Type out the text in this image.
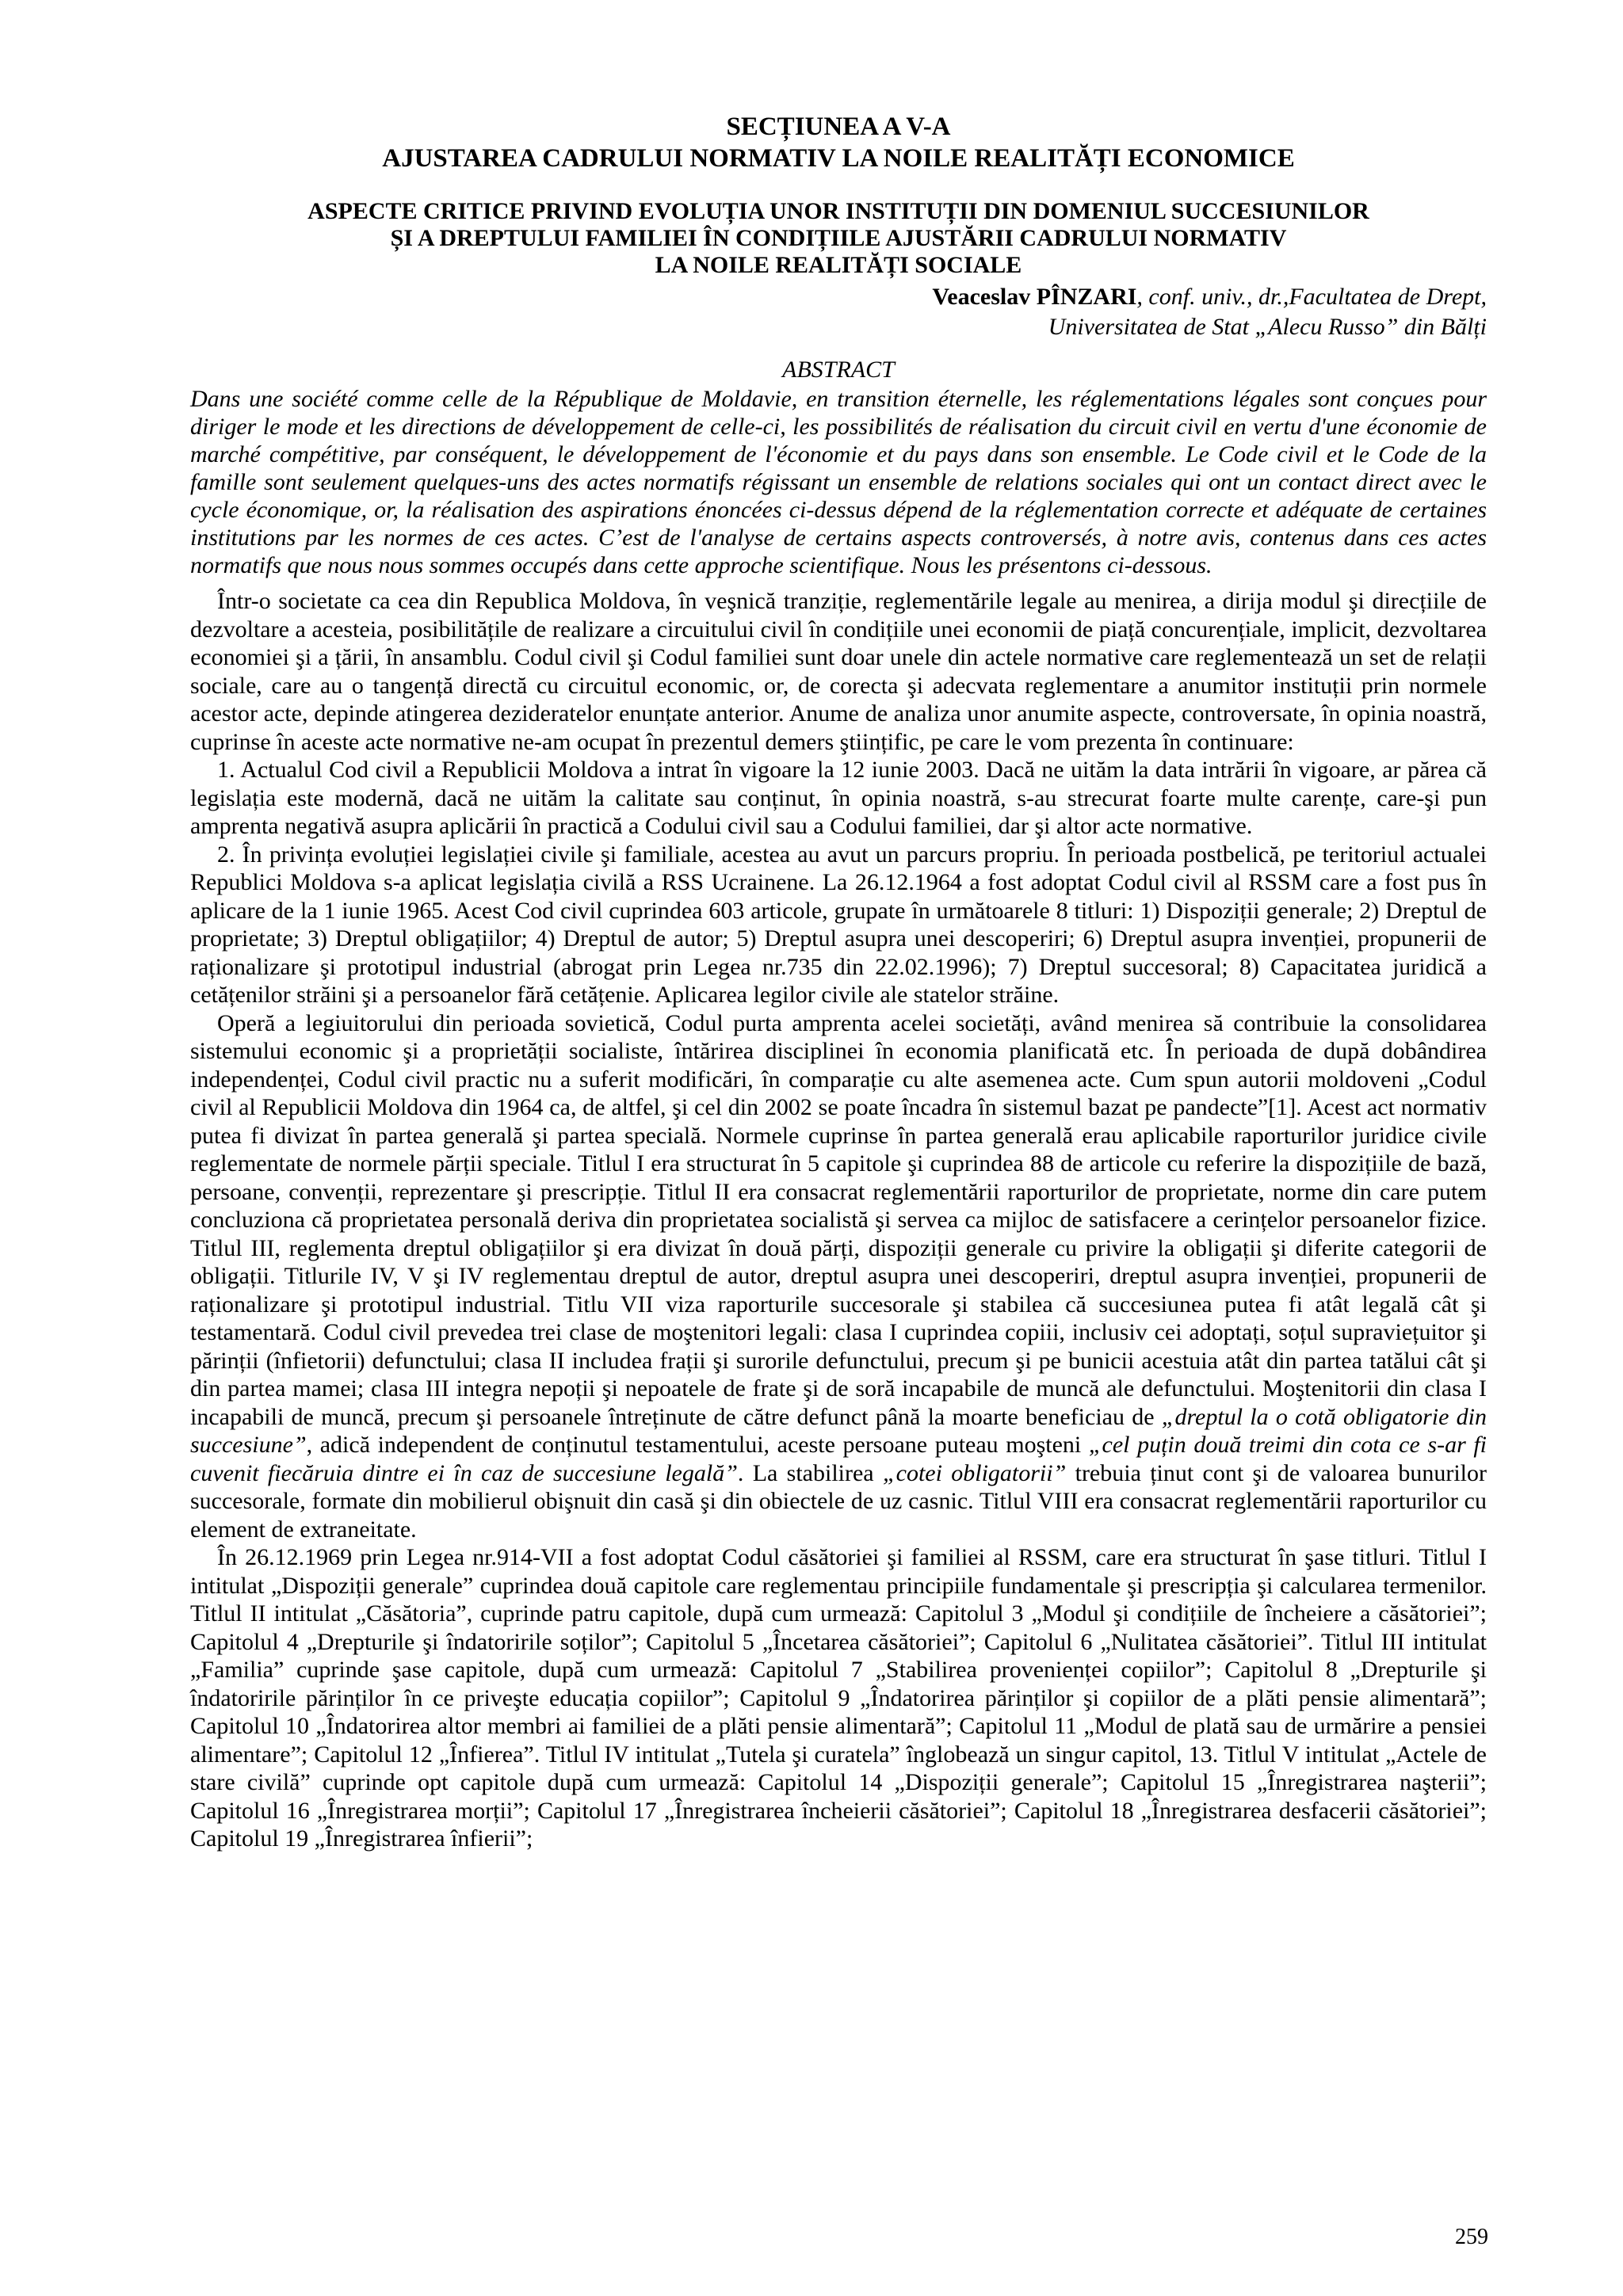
SECȚIUNEA A V-A
AJUSTAREA CADRULUI NORMATIV LA NOILE REALITĂȚI ECONOMICE
ASPECTE CRITICE PRIVIND EVOLUȚIA UNOR INSTITUȚII DIN DOMENIUL SUCCESIUNILOR
ȘI A DREPTULUI FAMILIEI ÎN CONDIȚIILE AJUSTĂRII CADRULUI NORMATIV
LA NOILE REALITĂȚI SOCIALE
Veaceslav PÎNZARI, conf. univ., dr.,Facultatea de Drept,
Universitatea de Stat „Alecu Russo” din Bălți
ABSTRACT

Dans une société comme celle de la République de Moldavie, en transition éternelle, les réglementations légales sont conçues pour diriger le mode et les directions de développement de celle-ci, les possibilités de réalisation du circuit civil en vertu d'une économie de marché compétitive, par conséquent, le développement de l'économie et du pays dans son ensemble. Le Code civil et le Code de la famille sont seulement quelques-uns des actes normatifs régissant un ensemble de relations sociales qui ont un contact direct avec le cycle économique, or, la réalisation des aspirations énoncées ci-dessus dépend de la réglementation correcte et adéquate de certaines institutions par les normes de ces actes. C’est de l'analyse de certains aspects controversés, à notre avis, contenus dans ces actes normatifs que nous nous sommes occupés dans cette approche scientifique. Nous les présentons ci-dessous.

Într-o societate ca cea din Republica Moldova, în veşnică tranziție, reglementările legale au menirea, a dirija modul şi direcțiile de dezvoltare a acesteia, posibilitățile de realizare a circuitului civil în condițiile unei economii de piață concurențiale, implicit, dezvoltarea economiei şi a țării, în ansamblu. Codul civil şi Codul familiei sunt doar unele din actele normative care reglementează un set de relații sociale, care au o tangență directă cu circuitul economic, or, de corecta şi adecvata reglementare a anumitor instituții prin normele acestor acte, depinde atingerea dezideratelor enunțate anterior. Anume de analiza unor anumite aspecte, controversate, în opinia noastră, cuprinse în aceste acte normative ne-am ocupat în prezentul demers ştiințific, pe care le vom prezenta în continuare:

1. Actualul Cod civil a Republicii Moldova a intrat în vigoare la 12 iunie 2003. Dacă ne uităm la data intrării în vigoare, ar părea că legislația este modernă, dacă ne uităm la calitate sau conținut, în opinia noastră, s-au strecurat foarte multe carențe, care-şi pun amprenta negativă asupra aplicării în practică a Codului civil sau a Codului familiei, dar şi altor acte normative.

2. În privința evoluției legislației civile şi familiale, acestea au avut un parcurs propriu. În perioada postbelică, pe teritoriul actualei Republici Moldova s-a aplicat legislația civilă a RSS Ucrainene. La 26.12.1964 a fost adoptat Codul civil al RSSM care a fost pus în aplicare de la 1 iunie 1965. Acest Cod civil cuprindea 603 articole, grupate în următoarele 8 titluri: 1) Dispoziții generale; 2) Dreptul de proprietate; 3) Dreptul obligațiilor; 4) Dreptul de autor; 5) Dreptul asupra unei descoperiri; 6) Dreptul asupra invenției, propunerii de raționalizare şi prototipul industrial (abrogat prin Legea nr.735 din 22.02.1996); 7) Dreptul succesoral; 8) Capacitatea juridică a cetățenilor străini şi a persoanelor fără cetățenie. Aplicarea legilor civile ale statelor străine.

Operă a legiuitorului din perioada sovietică, Codul purta amprenta acelei societăți, având menirea să contribuie la consolidarea sistemului economic şi a proprietății socialiste, întărirea disciplinei în economia planificată etc. În perioada de după dobândirea independenței, Codul civil practic nu a suferit modificări, în comparație cu alte asemenea acte. Cum spun autorii moldoveni „Codul civil al Republicii Moldova din 1964 ca, de altfel, şi cel din 2002 se poate încadra în sistemul bazat pe pandecte”[1]. Acest act normativ putea fi divizat în partea generală şi partea specială. Normele cuprinse în partea generală erau aplicabile raporturilor juridice civile reglementate de normele părții speciale. Titlul I era structurat în 5 capitole şi cuprindea 88 de articole cu referire la dispozițiile de bază, persoane, convenții, reprezentare şi prescripție. Titlul II era consacrat reglementării raporturilor de proprietate, norme din care putem concluziona că proprietatea personală deriva din proprietatea socialistă şi servea ca mijloc de satisfacere a cerințelor persoanelor fizice. Titlul III, reglementa dreptul obligațiilor şi era divizat în două părți, dispoziții generale cu privire la obligații şi diferite categorii de obligații. Titlurile IV, V şi IV reglementau dreptul de autor, dreptul asupra unei descoperiri, dreptul asupra invenției, propunerii de raționalizare şi prototipul industrial. Titlu VII viza raporturile succesorale şi stabilea că succesiunea putea fi atât legală cât şi testamentară. Codul civil prevedea trei clase de moştenitori legali: clasa I cuprindea copiii, inclusiv cei adoptați, soțul supraviețuitor şi părinții (înfietorii) defunctului; clasa II includea frații şi surorile defunctului, precum şi pe bunicii acestuia atât din partea tatălui cât şi din partea mamei; clasa III integra nepoții şi nepoatele de frate şi de soră incapabile de muncă ale defunctului. Moştenitorii din clasa I incapabili de muncă, precum şi persoanele întreținute de către defunct până la moarte beneficiau de „dreptul la o cotă obligatorie din succesiune”, adică independent de conținutul testamentului, aceste persoane puteau moşteni „cel puțin două treimi din cota ce s-ar fi cuvenit fiecăruia dintre ei în caz de succesiune legală”. La stabilirea „cotei obligatorii” trebuia ținut cont şi de valoarea bunurilor succesorale, formate din mobilierul obişnuit din casă şi din obiectele de uz casnic. Titlul VIII era consacrat reglementării raporturilor cu element de extraneitate.

În 26.12.1969 prin Legea nr.914-VII a fost adoptat Codul căsătoriei şi familiei al RSSM, care era structurat în şase titluri. Titlul I intitulat „Dispoziții generale” cuprindea două capitole care reglementau principiile fundamentale şi prescripția şi calcularea termenilor. Titlul II intitulat „Căsătoria”, cuprinde patru capitole, după cum urmează: Capitolul 3 „Modul şi condițiile de încheiere a căsătoriei”; Capitolul 4 „Drepturile şi îndatoririle soților”; Capitolul 5 „Încetarea căsătoriei”; Capitolul 6 „Nulitatea căsătoriei”. Titlul III intitulat „Familia” cuprinde şase capitole, după cum urmează: Capitolul 7 „Stabilirea provenienței copiilor”; Capitolul 8 „Drepturile şi îndatoririle părinților în ce priveşte educația copiilor”; Capitolul 9 „Îndatorirea părinților şi copiilor de a plăti pensie alimentară”; Capitolul 10 „Îndatorirea altor membri ai familiei de a plăti pensie alimentară”; Capitolul 11 „Modul de plată sau de urmărire a pensiei alimentare”; Capitolul 12 „Înfierea”. Titlul IV intitulat „Tutela şi curatela” înglobează un singur capitol, 13. Titlul V intitulat „Actele de stare civilă” cuprinde opt capitole după cum urmează: Capitolul 14 „Dispoziții generale”; Capitolul 15 „Înregistrarea naşterii”; Capitolul 16 „Înregistrarea morții”; Capitolul 17 „Înregistrarea încheierii căsătoriei”; Capitolul 18 „Înregistrarea desfacerii căsătoriei”; Capitolul 19 „Înregistrarea înfierii”;

259
